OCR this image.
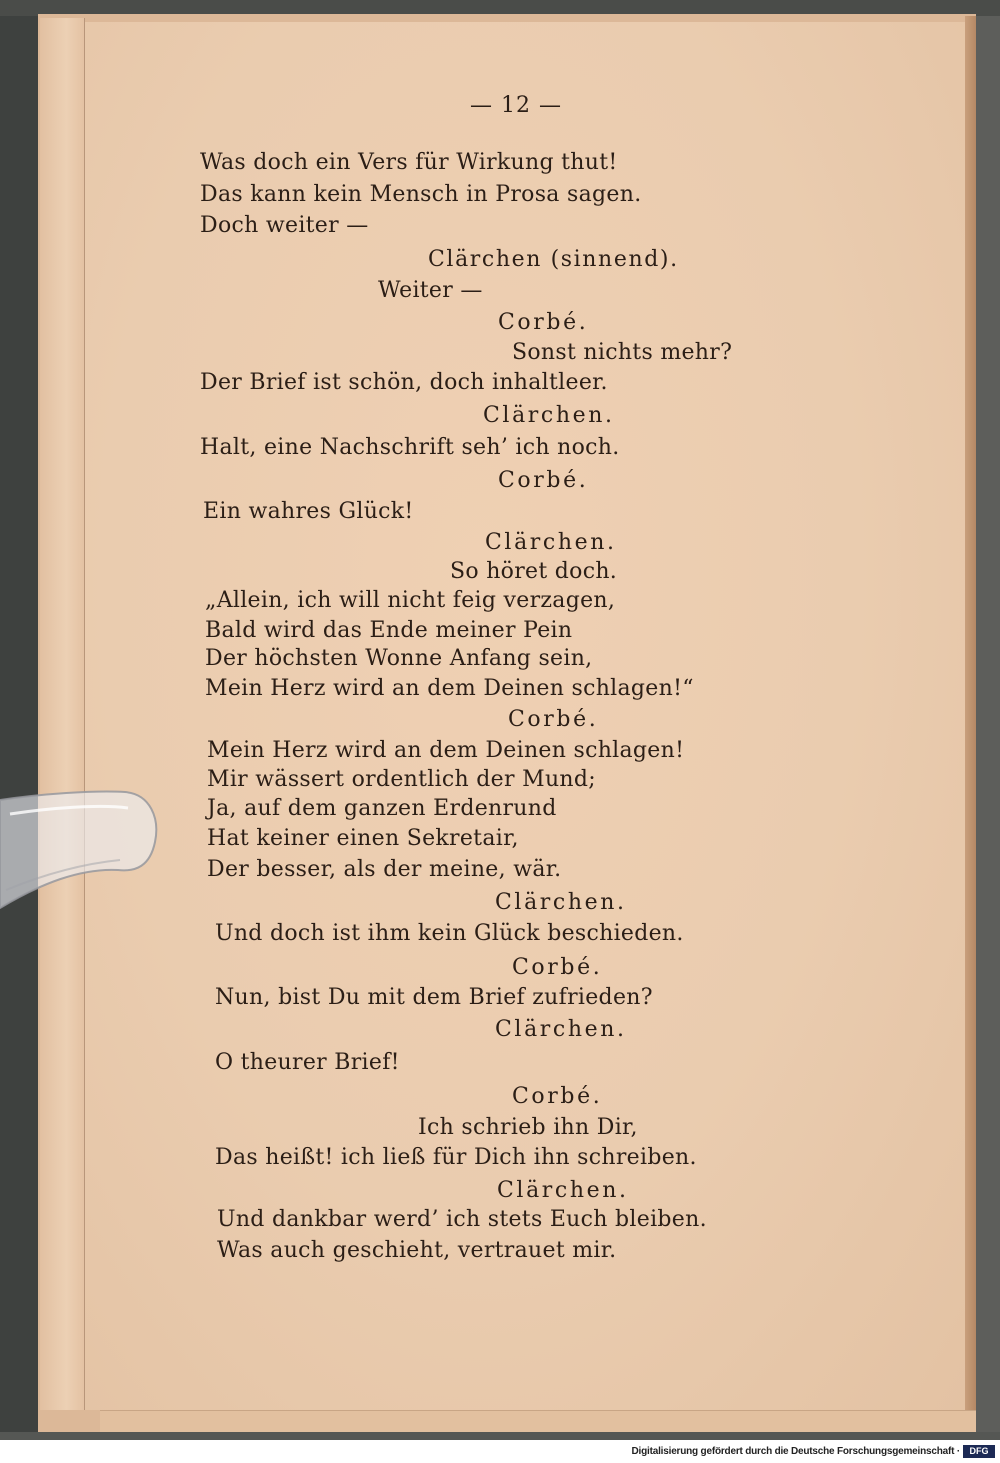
— 12 —
Was doch ein Vers für Wirkung thut!
Das kann kein Mensch in Prosa sagen.
Doch weiter —
Clärchen (sinnend).
Weiter —
Corbé.
Sonst nichts mehr?
Der Brief ist schön, doch inhaltleer.
Clärchen.
Halt, eine Nachschrift seh’ ich noch.
Corbé.
Ein wahres Glück!
Clärchen.
So höret doch.
„Allein, ich will nicht feig verzagen,
Bald wird das Ende meiner Pein
Der höchsten Wonne Anfang sein,
Mein Herz wird an dem Deinen schlagen!“
Corbé.
Mein Herz wird an dem Deinen schlagen!
Mir wässert ordentlich der Mund;
Ja, auf dem ganzen Erdenrund
Hat keiner einen Sekretair,
Der besser, als der meine, wär.
Clärchen.
Und doch ist ihm kein Glück beschieden.
Corbé.
Nun, bist Du mit dem Brief zufrieden?
Clärchen.
O theurer Brief!
Corbé.
Ich schrieb ihn Dir,
Das heißt! ich ließ für Dich ihn schreiben.
Clärchen.
Und dankbar werd’ ich stets Euch bleiben.
Was auch geschieht, vertrauet mir.
Digitalisierung gefördert durch die Deutsche Forschungsgemeinschaft ·	DFG
